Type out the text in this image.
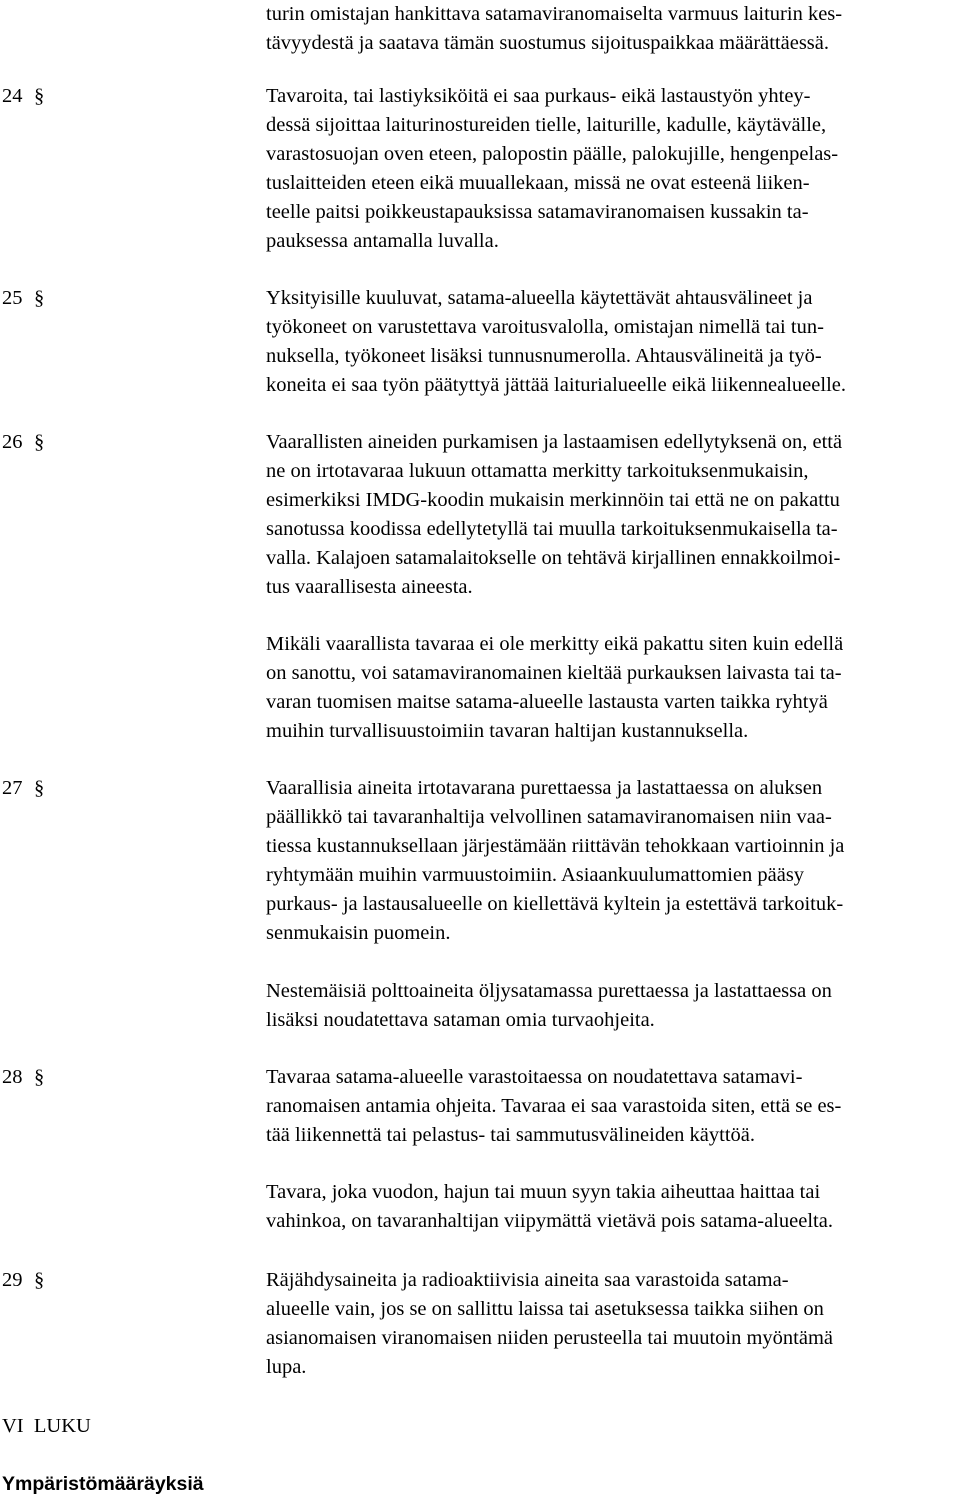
turin omistajan hankittava satamaviranomaiselta varmuus laiturin kes-
tävyydestä ja saatava tämän suostumus sijoituspaikkaa määrättäessä.
24 §	Tavaroita, tai lastiyksiköitä ei saa purkaus- eikä lastaustyön yhtey-
dessä sijoittaa laiturinostureiden tielle, laiturille, kadulle, käytävälle,
varastosuojan oven eteen, palopostin päälle, palokujille, hengenpelas-
tuslaitteiden eteen eikä muuallekaan, missä ne ovat esteenä liiken-
teelle paitsi poikkeustapauksissa satamaviranomaisen kussakin ta-
pauksessa antamalla luvalla.
25 §	Yksityisille kuuluvat, satama-alueella käytettävät ahtausvälineet ja
työkoneet on varustettava varoitusvalolla, omistajan nimellä tai tun-
nuksella, työkoneet lisäksi tunnusnumerolla. Ahtausvälineitä ja työ-
koneita ei saa työn päätyttyä jättää laiturialueelle eikä liikennealueelle.
26 §	Vaarallisten aineiden purkamisen ja lastaamisen edellytyksenä on, että
ne on irtotavaraa lukuun ottamatta merkitty tarkoituksenmukaisin,
esimerkiksi IMDG-koodin mukaisin merkinnöin tai että ne on pakattu
sanotussa koodissa edellytetyllä tai muulla tarkoituksenmukaisella ta-
valla. Kalajoen satamalaitokselle on tehtävä kirjallinen ennakkoilmoi-
tus vaarallisesta aineesta.
Mikäli vaarallista tavaraa ei ole merkitty eikä pakattu siten kuin edellä
on sanottu, voi satamaviranomainen kieltää purkauksen laivasta tai ta-
varan tuomisen maitse satama-alueelle lastausta varten taikka ryhtyä
muihin turvallisuustoimiin tavaran haltijan kustannuksella.
27 §	Vaarallisia aineita irtotavarana purettaessa ja lastattaessa on aluksen
päällikkö tai tavaranhaltija velvollinen satamaviranomaisen niin vaa-
tiessa kustannuksellaan järjestämään riittävän tehokkaan vartioinnin ja
ryhtymään muihin varmuustoimiin. Asiaankuulumattomien pääsy
purkaus- ja lastausalueelle on kiellettävä kyltein ja estettävä tarkoituk-
senmukaisin puomein.
Nestemäisiä polttoaineita öljysatamassa purettaessa ja lastattaessa on
lisäksi noudatettava sataman omia turvaohjeita.
28 §	Tavaraa satama-alueelle varastoitaessa on noudatettava satamavi-
ranomaisen antamia ohjeita. Tavaraa ei saa varastoida siten, että se es-
tää liikennettä tai pelastus- tai sammutusvälineiden käyttöä.
Tavara, joka vuodon, hajun tai muun syyn takia aiheuttaa haittaa tai
vahinkoa, on tavaranhaltijan viipymättä vietävä pois satama-alueelta.
29 §	Räjähdysaineita ja radioaktiivisia aineita saa varastoida satama-
alueelle vain, jos se on sallittu laissa tai asetuksessa taikka siihen on
asianomaisen viranomaisen niiden perusteella tai muutoin myöntämä
lupa.
VI  LUKU
Ympäristömääräyksiä
